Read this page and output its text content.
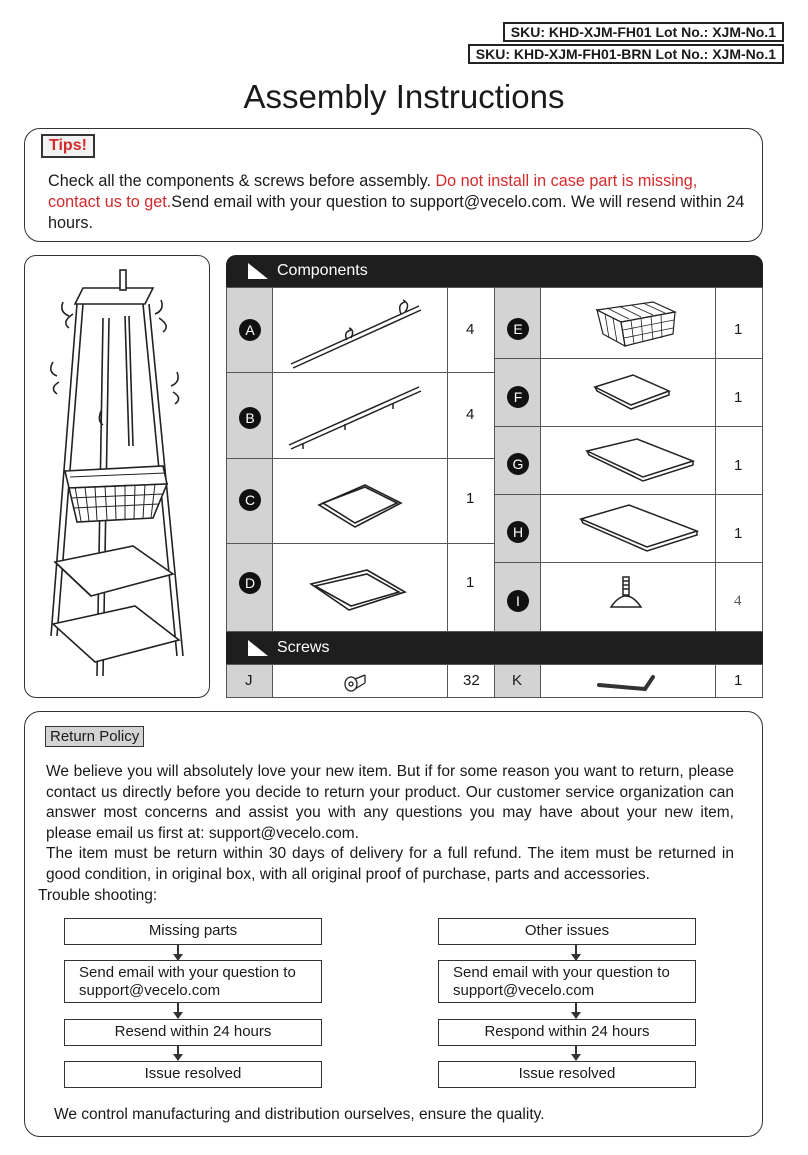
SKU: KHD-XJM-FH01 Lot No.: XJM-No.1
SKU: KHD-XJM-FH01-BRN Lot No.: XJM-No.1
Assembly Instructions
Tips!

Check all the components & screws before assembly. Do not install in case part is missing, contact us to get.Send email with your question to support@vecelo.com. We will resend within 24 hours.

Components
A	4
B	4
C	1
D	1
E	1
F	1
G	1
H	1
I	4
Screws
J	32 K	1
Return Policy

We believe you will absolutely love your new item. But if for some reason you want to return, please contact us directly before you decide to return your product. Our customer service organization can answer most concerns and assist you with any questions you may have about your new item, please email us first at: support@vecelo.com.

The item must be return within 30 days of delivery for a full refund. The item must be returned in good condition, in original box, with all original proof of purchase, parts and accessories.

Trouble shooting:
Missing parts
Send email with your question to support@vecelo.com
Resend within 24 hours
Issue resolved
Other issues
Send email with your question to support@vecelo.com
Respond within 24 hours
Issue resolved
We control manufacturing and distribution ourselves, ensure the quality.
